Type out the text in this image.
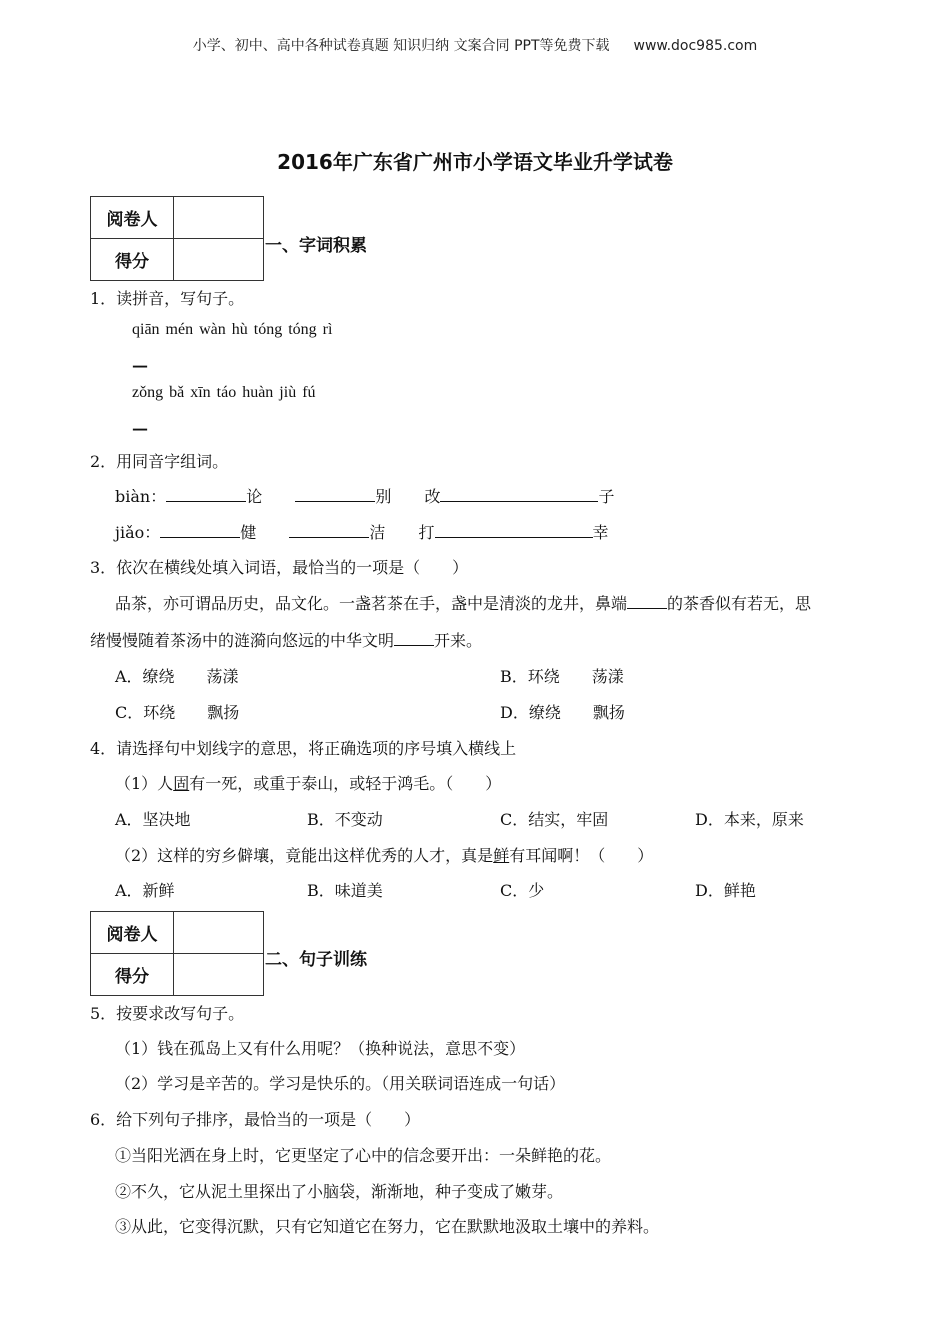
小学、初中、高中各种试卷真题 知识归纳 文案合同 PPT等免费下载 www.doc985.com
2016年广东省广州市小学语文毕业升学试卷
阅卷人	
得分	
一、字词积累
1．读拼音，写句子。
qiān mén wàn hù tóng tóng rì
—
zǒng bǎ xīn táo huàn jiù fú
—
2．用同音字组词。
biàn：	论	别 改	子
jiǎo：	健	洁 打	幸
3．依次在横线处填入词语，最恰当的一项是（　　）
品茶，亦可谓品历史，品文化。一盏茗茶在手，盏中是清淡的龙井，鼻端	的茶香似有若无，思
绪慢慢随着茶汤中的涟漪向悠远的中华文明	开来。
A．缭绕　　荡漾	B．环绕　　荡漾
C．环绕　　飘扬	D．缭绕　　飘扬
4．请选择句中划线字的意思，将正确选项的序号填入横线上
（1）人固有一死，或重于泰山，或轻于鸿毛。（　　）
A．坚决地	B．不变动	C．结实，牢固	D．本来，原来
（2）这样的穷乡僻壤，竟能出这样优秀的人才，真是鲜有耳闻啊！（　　）
A．新鲜	B．味道美	C．少	D．鲜艳
阅卷人	
得分	
二、句子训练
5．按要求改写句子。
（1）钱在孤岛上又有什么用呢？（换种说法，意思不变）
（2）学习是辛苦的。学习是快乐的。（用关联词语连成一句话）
6．给下列句子排序，最恰当的一项是（　　）
①当阳光洒在身上时，它更坚定了心中的信念要开出：一朵鲜艳的花。
②不久，它从泥土里探出了小脑袋，渐渐地，种子变成了嫩芽。
③从此，它变得沉默，只有它知道它在努力，它在默默地汲取土壤中的养料。
